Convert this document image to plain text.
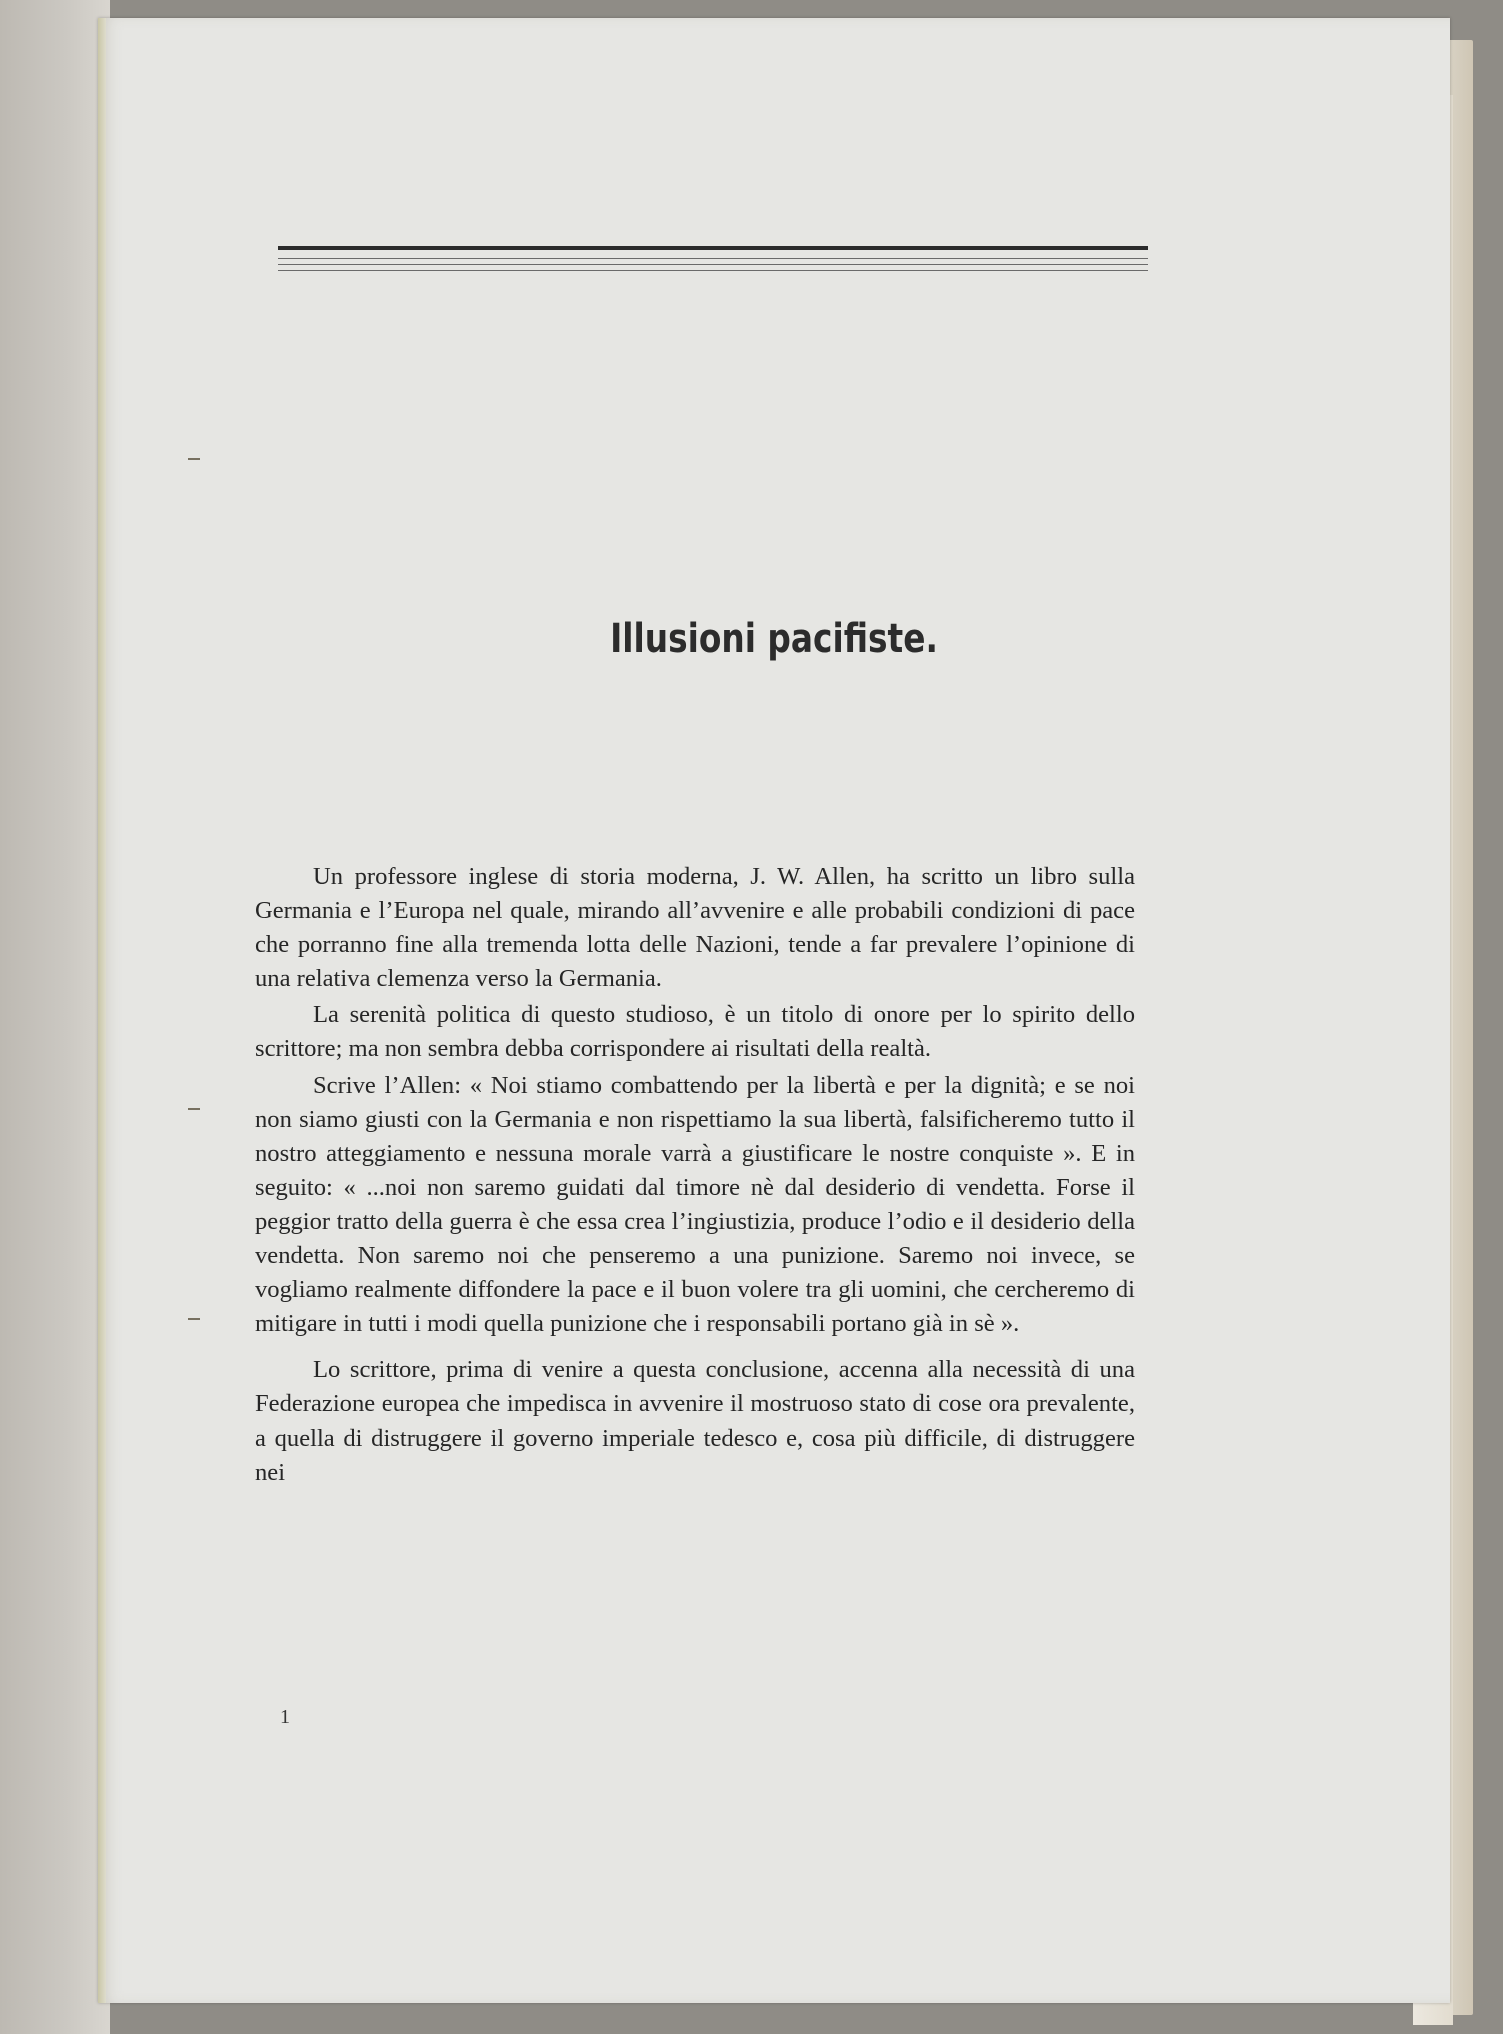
Illusioni pacifiste.

Un professore inglese di storia moderna, J. W. Allen, ha scritto un libro sulla Germania e l’Europa nel quale, mirando all’avvenire e alle probabili condizioni di pace che porranno fine alla tremenda lotta delle Nazioni, tende a far prevalere l’opinione di una relativa clemenza verso la Germania.

La serenità politica di questo studioso, è un titolo di onore per lo spirito dello scrittore; ma non sembra debba corrispondere ai risultati della realtà.

Scrive l’Allen: « Noi stiamo combattendo per la libertà e per la dignità; e se noi non siamo giusti con la Germania e non rispettiamo la sua libertà, falsificheremo tutto il nostro atteggiamento e nessuna morale varrà a giustificare le nostre conquiste ». E in seguito: « ...noi non saremo guidati dal timore nè dal desiderio di vendetta. Forse il peggior tratto della guerra è che essa crea l’ingiustizia, produce l’odio e il desiderio della vendetta. Non saremo noi che penseremo a una punizione. Saremo noi invece, se vogliamo realmente diffondere la pace e il buon volere tra gli uomini, che cercheremo di mitigare in tutti i modi quella punizione che i responsabili portano già in sè ».

Lo scrittore, prima di venire a questa conclusione, accenna alla necessità di una Federazione europea che impedisca in avvenire il mostruoso stato di cose ora prevalente, a quella di distruggere il governo imperiale tedesco e, cosa più difficile, di distruggere nei

1
